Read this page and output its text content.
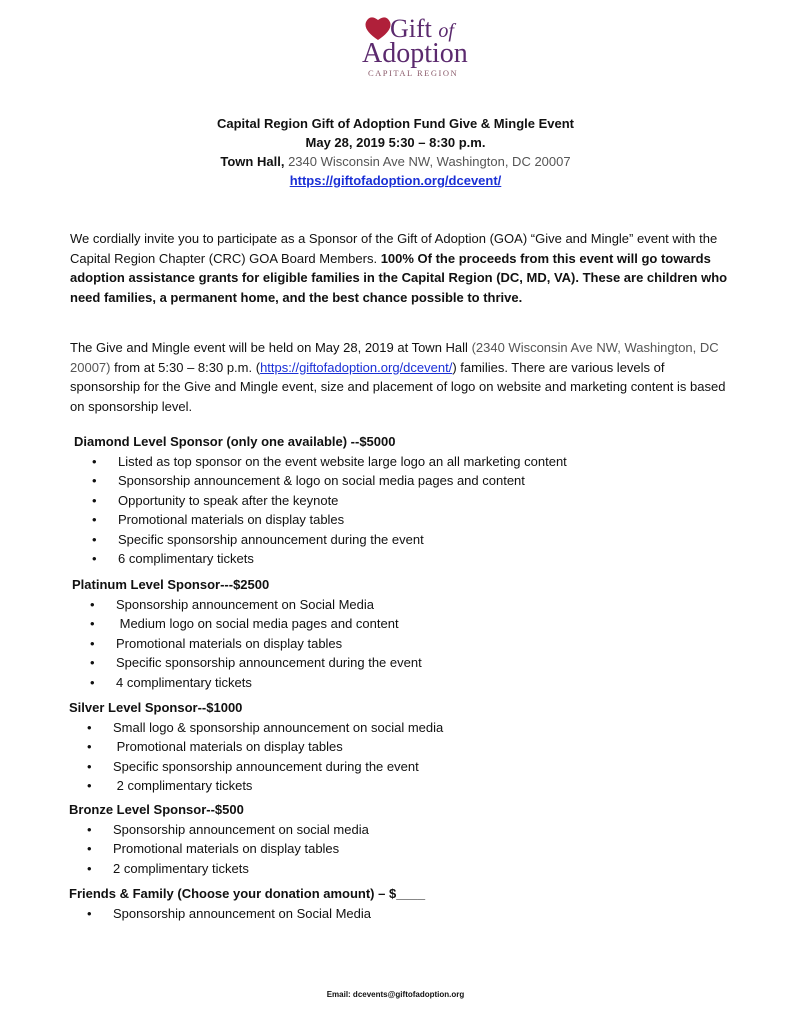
Gift of
Adoption
CAPITAL REGION
Capital Region Gift of Adoption Fund Give & Mingle Event
May 28, 2019 5:30 – 8:30 p.m.
Town Hall, 2340 Wisconsin Ave NW, Washington, DC 20007
https://giftofadoption.org/dcevent/
We cordially invite you to participate as a Sponsor of the Gift of Adoption (GOA) “Give and Mingle” event with the Capital Region Chapter (CRC) GOA Board Members. 100% Of the proceeds from this event will go towards adoption assistance grants for eligible families in the Capital Region (DC, MD, VA). These are children who need families, a permanent home, and the best chance possible to thrive.
The Give and Mingle event will be held on May 28, 2019 at Town Hall (2340 Wisconsin Ave NW, Washington, DC 20007) from at 5:30 – 8:30 p.m. (https://giftofadoption.org/dcevent/) families. There are various levels of sponsorship for the Give and Mingle event, size and placement of logo on website and marketing content is based on sponsorship level.
Diamond Level Sponsor (only one available) --$5000
• Listed as top sponsor on the event website large logo an all marketing content
• Sponsorship announcement & logo on social media pages and content
• Opportunity to speak after the keynote
• Promotional materials on display tables
• Specific sponsorship announcement during the event
• 6 complimentary tickets
Platinum Level Sponsor---$2500
• Sponsorship announcement on Social Media
• Medium logo on social media pages and content
• Promotional materials on display tables
• Specific sponsorship announcement during the event
• 4 complimentary tickets
Silver Level Sponsor--$1000
• Small logo & sponsorship announcement on social media
• Promotional materials on display tables
• Specific sponsorship announcement during the event
• 2 complimentary tickets
Bronze Level Sponsor--$500
• Sponsorship announcement on social media
• Promotional materials on display tables
• 2 complimentary tickets
Friends & Family (Choose your donation amount) – $____
• Sponsorship announcement on Social Media
Email: dcevents@giftofadoption.org
